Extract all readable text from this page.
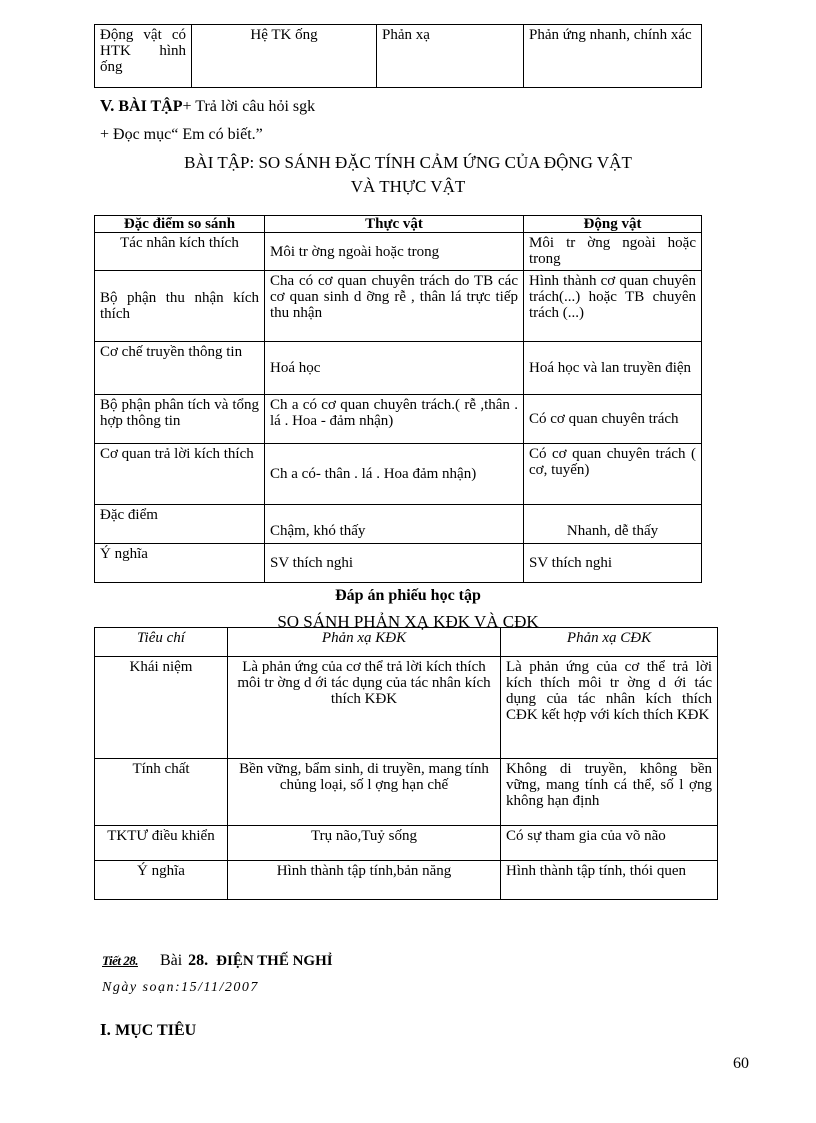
Động vật có HTK hình ống	Hệ TK ống	Phản xạ	Phản ứng nhanh, chính xác
V. BÀI TẬP+ Trả lời câu hỏi sgk
+ Đọc mục“ Em có biết.”
BÀI TẬP: SO SÁNH ĐẶC TÍNH CẢM ỨNG CỦA ĐỘNG VẬT
VÀ THỰC VẬT
Đặc điểm so sánh	Thực vật	Động vật
Tác nhân kích thích	Môi tr ờng ngoài hoặc trong	Môi tr ờng ngoài hoặc trong
Bộ phận thu nhận kích thích	Cha có cơ quan chuyên trách do TB các cơ quan sinh d ỡng rễ , thân lá trực tiếp thu nhận	Hình thành cơ quan chuyên trách(...) hoặc TB chuyên trách (...)
Cơ chế truyền thông tin	Hoá học	Hoá học và lan truyền điện
Bộ phận phân tích và tổng hợp thông tin	Ch a có cơ quan chuyên trách.( rễ ,thân . lá . Hoa - đảm nhận)	Có cơ quan chuyên trách
Cơ quan trả lời kích thích	Ch a có- thân . lá . Hoa đảm nhận)	Có cơ quan chuyên trách ( cơ, tuyến)
Đặc điểm	Chậm, khó thấy	Nhanh, dễ thấy
Ý nghĩa	SV thích nghi	SV thích nghi
Đáp án phiếu học tập
SO SÁNH PHẢN XẠ KĐK VÀ CĐK
Tiêu chí	Phản xạ KĐK	Phản xạ CĐK
Khái niệm	Là phản ứng của cơ thể trả lời kích thích môi tr ờng d ới tác dụng của tác nhân kích thích KĐK	Là phản ứng của cơ thể trả lời kích thích môi tr ờng d ới tác dụng của tác nhân kích thích CĐK kết hợp với kích thích KĐK
Tính chất	Bền vững, bẩm sinh, di truyền, mang tính chủng loại, số l ợng hạn chế	Không di truyền, không bền vững, mang tính cá thể, số l ợng không hạn định
TKTƯ điều khiển	Trụ não,Tuỷ sống	Có sự tham gia của võ não
Ý nghĩa	Hình thành tập tính,bản năng	Hình thành tập tính, thói quen
Tiết 28. Bài 28. ĐIỆN THẾ NGHỈ
Ngày soạn:15/11/2007
I. MỤC TIÊU
60
